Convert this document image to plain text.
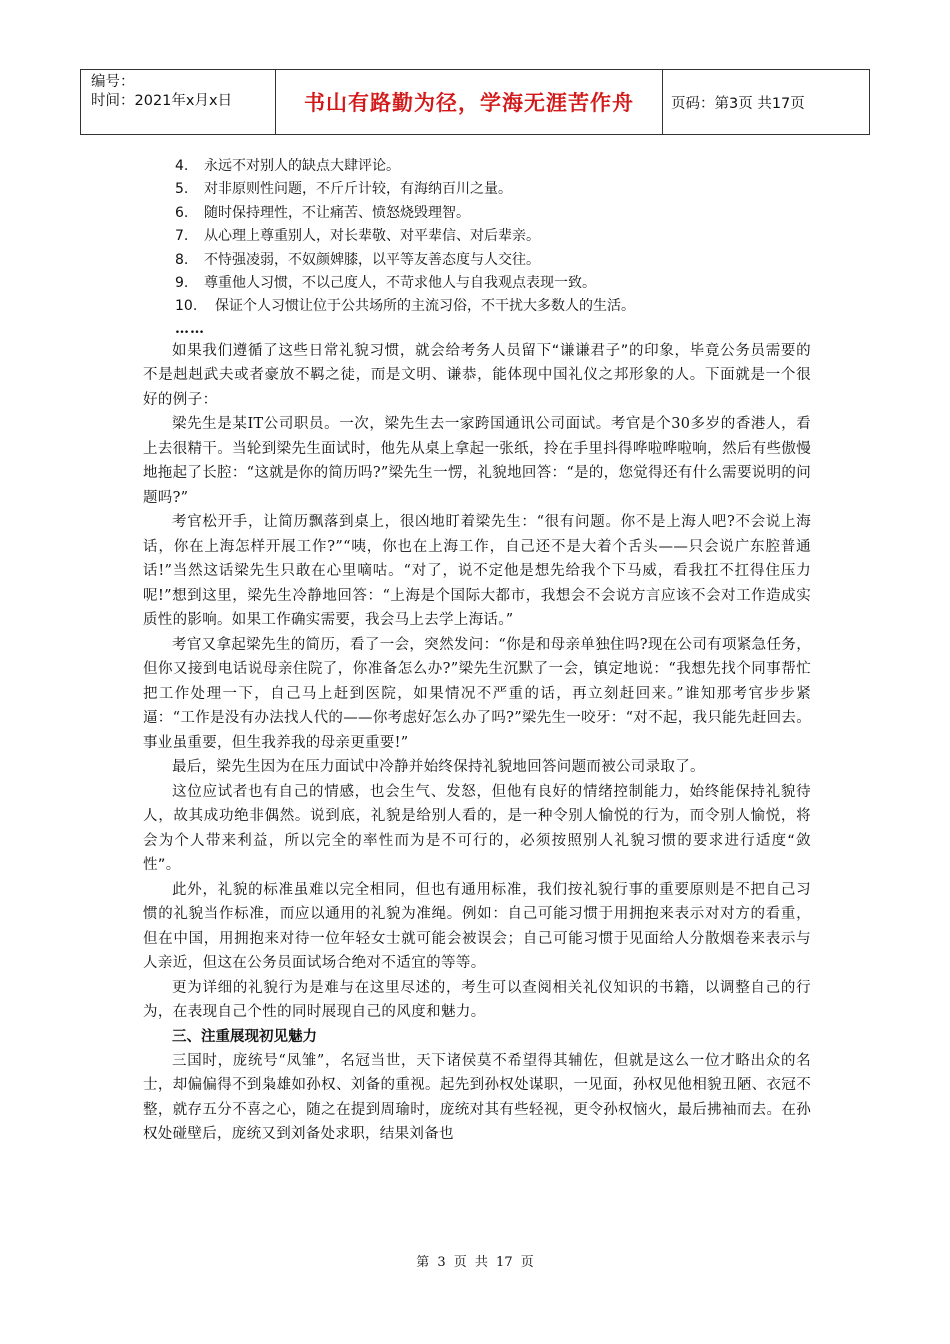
编号：
时间：2021年x月x日	书山有路勤为径，学海无涯苦作舟	页码：第3页 共17页
4. 永远不对别人的缺点大肆评论。
5. 对非原则性问题，不斤斤计较，有海纳百川之量。
6. 随时保持理性，不让痛苦、愤怒烧毁理智。
7. 从心理上尊重别人，对长辈敬、对平辈信、对后辈亲。
8. 不恃强凌弱，不奴颜婢膝，以平等友善态度与人交往。
9. 尊重他人习惯，不以己度人，不苛求他人与自我观点表现一致。
10. 保证个人习惯让位于公共场所的主流习俗，不干扰大多数人的生活。
……

如果我们遵循了这些日常礼貌习惯，就会给考务人员留下“谦谦君子”的印象，毕竟公务员需要的不是赳赳武夫或者豪放不羁之徒，而是文明、谦恭，能体现中国礼仪之邦形象的人。下面就是一个很好的例子：

梁先生是某IT公司职员。一次，梁先生去一家跨国通讯公司面试。考官是个30多岁的香港人，看上去很精干。当轮到梁先生面试时，他先从桌上拿起一张纸，拎在手里抖得哗啦哗啦响，然后有些傲慢地拖起了长腔：“这就是你的简历吗?”梁先生一愣，礼貌地回答：“是的，您觉得还有什么需要说明的问题吗?”

考官松开手，让简历飘落到桌上，很凶地盯着梁先生：“很有问题。你不是上海人吧?不会说上海话，你在上海怎样开展工作?”“咦，你也在上海工作，自己还不是大着个舌头——只会说广东腔普通话!”当然这话梁先生只敢在心里嘀咕。“对了，说不定他是想先给我个下马威，看我扛不扛得住压力呢!”想到这里，梁先生冷静地回答：“上海是个国际大都市，我想会不会说方言应该不会对工作造成实质性的影响。如果工作确实需要，我会马上去学上海话。”

考官又拿起梁先生的简历，看了一会，突然发问：“你是和母亲单独住吗?现在公司有项紧急任务，但你又接到电话说母亲住院了，你准备怎么办?”梁先生沉默了一会，镇定地说：“我想先找个同事帮忙把工作处理一下，自己马上赶到医院，如果情况不严重的话，再立刻赶回来。”谁知那考官步步紧逼：“工作是没有办法找人代的——你考虑好怎么办了吗?”梁先生一咬牙：“对不起，我只能先赶回去。事业虽重要，但生我养我的母亲更重要!”

最后，梁先生因为在压力面试中冷静并始终保持礼貌地回答问题而被公司录取了。

这位应试者也有自己的情感，也会生气、发怒，但他有良好的情绪控制能力，始终能保持礼貌待人，故其成功绝非偶然。说到底，礼貌是给别人看的，是一种令别人愉悦的行为，而令别人愉悦，将会为个人带来利益，所以完全的率性而为是不可行的，必须按照别人礼貌习惯的要求进行适度“敛性”。

此外，礼貌的标准虽难以完全相同，但也有通用标准，我们按礼貌行事的重要原则是不把自己习惯的礼貌当作标准，而应以通用的礼貌为准绳。例如：自己可能习惯于用拥抱来表示对对方的看重，但在中国，用拥抱来对待一位年轻女士就可能会被误会；自己可能习惯于见面给人分散烟卷来表示与人亲近，但这在公务员面试场合绝对不适宜的等等。

更为详细的礼貌行为是难与在这里尽述的，考生可以查阅相关礼仪知识的书籍，以调整自己的行为，在表现自己个性的同时展现自己的风度和魅力。

三、注重展现初见魅力

三国时，庞统号“凤雏”，名冠当世，天下诸侯莫不希望得其辅佐，但就是这么一位才略出众的名士，却偏偏得不到枭雄如孙权、刘备的重视。起先到孙权处谋职，一见面，孙权见他相貌丑陋、衣冠不整，就存五分不喜之心，随之在提到周瑜时，庞统对其有些轻视，更令孙权恼火，最后拂袖而去。在孙权处碰壁后，庞统又到刘备处求职，结果刘备也

第 3 页 共 17 页
